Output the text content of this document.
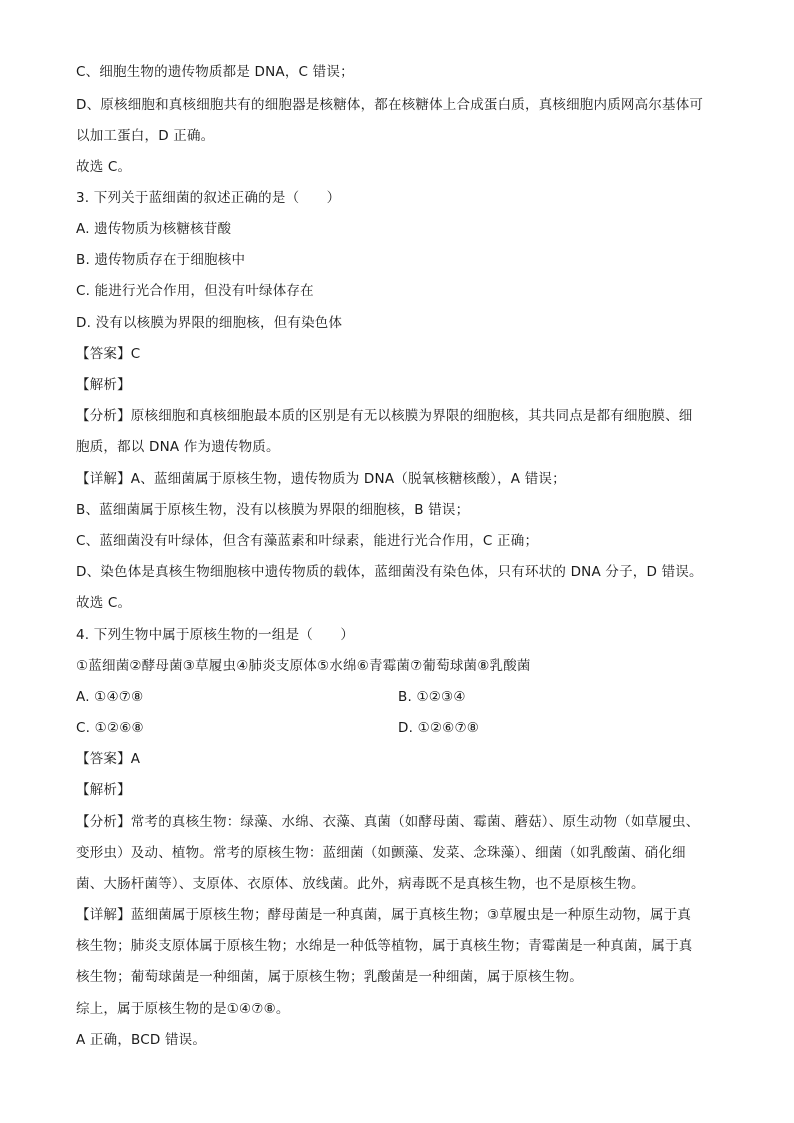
C、细胞生物的遗传物质都是 DNA，C 错误；
D、原核细胞和真核细胞共有的细胞器是核糖体，都在核糖体上合成蛋白质，真核细胞内质网高尔基体可
以加工蛋白，D 正确。
故选 C。
3. 下列关于蓝细菌的叙述正确的是（　　）
A. 遗传物质为核糖核苷酸
B. 遗传物质存在于细胞核中
C. 能进行光合作用，但没有叶绿体存在
D. 没有以核膜为界限的细胞核，但有染色体
【答案】C
【解析】
【分析】原核细胞和真核细胞最本质的区别是有无以核膜为界限的细胞核，其共同点是都有细胞膜、细
胞质，都以 DNA 作为遗传物质。
【详解】A、蓝细菌属于原核生物，遗传物质为 DNA（脱氧核糖核酸），A 错误；
B、蓝细菌属于原核生物，没有以核膜为界限的细胞核，B 错误；
C、蓝细菌没有叶绿体，但含有藻蓝素和叶绿素，能进行光合作用，C 正确；
D、染色体是真核生物细胞核中遗传物质的载体，蓝细菌没有染色体，只有环状的 DNA 分子，D 错误。
故选 C。
4. 下列生物中属于原核生物的一组是（　　）
①蓝细菌②酵母菌③草履虫④肺炎支原体⑤水绵⑥青霉菌⑦葡萄球菌⑧乳酸菌
A. ①④⑦⑧	B. ①②③④
C. ①②⑥⑧	D. ①②⑥⑦⑧
【答案】A
【解析】
【分析】常考的真核生物：绿藻、水绵、衣藻、真菌（如酵母菌、霉菌、蘑菇）、原生动物（如草履虫、
变形虫）及动、植物。常考的原核生物：蓝细菌（如颤藻、发菜、念珠藻）、细菌（如乳酸菌、硝化细
菌、大肠杆菌等）、支原体、衣原体、放线菌。此外，病毒既不是真核生物，也不是原核生物。
【详解】蓝细菌属于原核生物；酵母菌是一种真菌，属于真核生物；③草履虫是一种原生动物，属于真
核生物；肺炎支原体属于原核生物；水绵是一种低等植物，属于真核生物；青霉菌是一种真菌，属于真
核生物；葡萄球菌是一种细菌，属于原核生物；乳酸菌是一种细菌，属于原核生物。
综上，属于原核生物的是①④⑦⑧。
A 正确，BCD 错误。
